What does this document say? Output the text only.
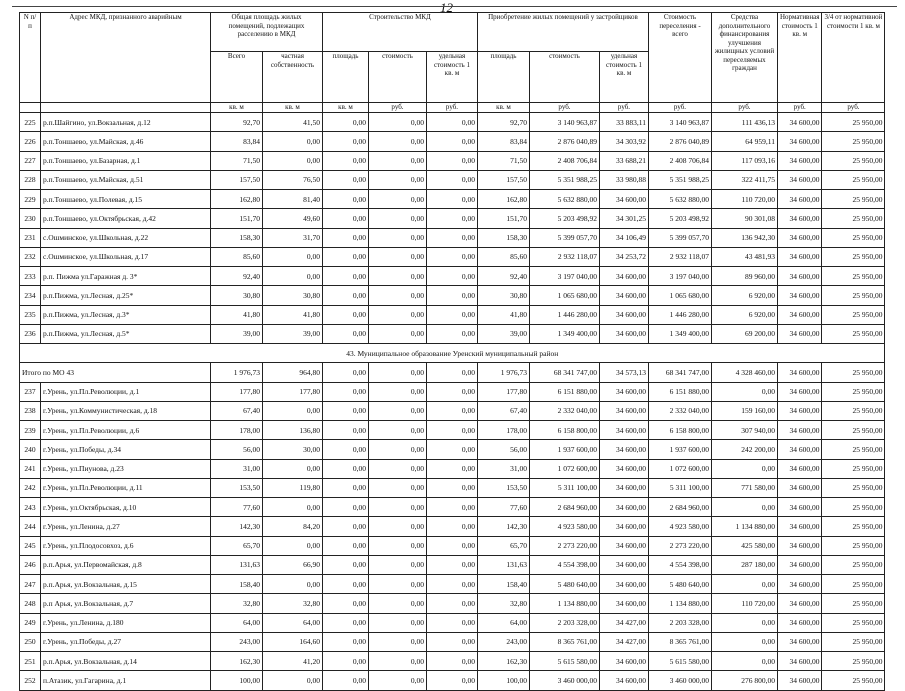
12
N п/п	Адрес МКД, признанного аварийным	Общая площадь жилых помещений, подлежащих расселению в МКД		Строительство МКД			Приобретение жилых помещений у застройщиков			Стоимость переселения - всего	Средства дополнительного финансирования улучшения жилищных условий переселяемых граждан	Нормативная стоимость 1 кв. м	3/4 от нормативной стоимости 1 кв. м
		Всего	частная собственность	площадь	стоимость	удельная стоимость 1 кв. м	площадь	стоимость	удельная стоимость 1 кв. м				
		кв. м	кв. м	кв. м	руб.	руб.	кв. м	руб.	руб.	руб.	руб.	руб.	руб.
225	р.п.Шайгино, ул.Вокзальная, д.12	92,70	41,50	0,00	0,00	0,00	92,70	3 140 963,87	33 883,11	3 140 963,87	111 436,13	34 600,00	25 950,00
226	р.п.Тоншаево, ул.Майская, д.46	83,84	0,00	0,00	0,00	0,00	83,84	2 876 040,89	34 303,92	2 876 040,89	64 959,11	34 600,00	25 950,00
227	р.п.Тоншаево, ул.Базарная, д.1	71,50	0,00	0,00	0,00	0,00	71,50	2 408 706,84	33 688,21	2 408 706,84	117 093,16	34 600,00	25 950,00
228	р.п.Тоншаево, ул.Майская, д.51	157,50	76,50	0,00	0,00	0,00	157,50	5 351 988,25	33 980,88	5 351 988,25	322 411,75	34 600,00	25 950,00
229	р.п.Тоншаево, ул.Полевая, д.15	162,80	81,40	0,00	0,00	0,00	162,80	5 632 880,00	34 600,00	5 632 880,00	110 720,00	34 600,00	25 950,00
230	р.п.Тоншаево, ул.Октябрьская, д.42	151,70	49,60	0,00	0,00	0,00	151,70	5 203 498,92	34 301,25	5 203 498,92	90 301,08	34 600,00	25 950,00
231	с.Ошминское, ул.Школьная, д.22	158,30	31,70	0,00	0,00	0,00	158,30	5 399 057,70	34 106,49	5 399 057,70	136 942,30	34 600,00	25 950,00
232	с.Ошминское, ул.Школьная, д.17	85,60	0,00	0,00	0,00	0,00	85,60	2 932 118,07	34 253,72	2 932 118,07	43 481,93	34 600,00	25 950,00
233	р.п. Пижма ул.Гаражная д. 3*	92,40	0,00	0,00	0,00	0,00	92,40	3 197 040,00	34 600,00	3 197 040,00	89 960,00	34 600,00	25 950,00
234	р.п.Пижма, ул.Лесная, д.25*	30,80	30,80	0,00	0,00	0,00	30,80	1 065 680,00	34 600,00	1 065 680,00	6 920,00	34 600,00	25 950,00
235	р.п.Пижма, ул.Лесная, д.3*	41,80	41,80	0,00	0,00	0,00	41,80	1 446 280,00	34 600,00	1 446 280,00	6 920,00	34 600,00	25 950,00
236	р.п.Пижма, ул.Лесная, д.5*	39,00	39,00	0,00	0,00	0,00	39,00	1 349 400,00	34 600,00	1 349 400,00	69 200,00	34 600,00	25 950,00
43. Муниципальное образование Уренский муниципальный район													
Итого по МО 43		1 976,73	964,80	0,00	0,00	0,00	1 976,73	68 341 747,00	34 573,13	68 341 747,00	4 328 460,00	34 600,00	25 950,00
237	г.Урень, ул.Пл.Революции, д.1	177,80	177,80	0,00	0,00	0,00	177,80	6 151 880,00	34 600,00	6 151 880,00	0,00	34 600,00	25 950,00
238	г.Урень, ул.Коммунистическая, д.18	67,40	0,00	0,00	0,00	0,00	67,40	2 332 040,00	34 600,00	2 332 040,00	159 160,00	34 600,00	25 950,00
239	г.Урень, ул.Пл.Революции, д.6	178,00	136,80	0,00	0,00	0,00	178,00	6 158 800,00	34 600,00	6 158 800,00	307 940,00	34 600,00	25 950,00
240	г.Урень, ул.Победы, д.34	56,00	30,00	0,00	0,00	0,00	56,00	1 937 600,00	34 600,00	1 937 600,00	242 200,00	34 600,00	25 950,00
241	г.Урень, ул.Пиунова, д.23	31,00	0,00	0,00	0,00	0,00	31,00	1 072 600,00	34 600,00	1 072 600,00	0,00	34 600,00	25 950,00
242	г.Урень, ул.Пл.Революции, д.11	153,50	119,80	0,00	0,00	0,00	153,50	5 311 100,00	34 600,00	5 311 100,00	771 580,00	34 600,00	25 950,00
243	г.Урень, ул.Октябрьская, д.10	77,60	0,00	0,00	0,00	0,00	77,60	2 684 960,00	34 600,00	2 684 960,00	0,00	34 600,00	25 950,00
244	г.Урень, ул.Ленина, д.27	142,30	84,20	0,00	0,00	0,00	142,30	4 923 580,00	34 600,00	4 923 580,00	1 134 880,00	34 600,00	25 950,00
245	г.Урень, ул.Плодосовхоз, д.6	65,70	0,00	0,00	0,00	0,00	65,70	2 273 220,00	34 600,00	2 273 220,00	425 580,00	34 600,00	25 950,00
246	р.п.Арья, ул.Первомайская, д.8	131,63	66,90	0,00	0,00	0,00	131,63	4 554 398,00	34 600,00	4 554 398,00	287 180,00	34 600,00	25 950,00
247	р.п.Арья, ул.Вокзальная, д.15	158,40	0,00	0,00	0,00	0,00	158,40	5 480 640,00	34 600,00	5 480 640,00	0,00	34 600,00	25 950,00
248	р.п Арья, ул.Вокзальная, д.7	32,80	32,80	0,00	0,00	0,00	32,80	1 134 880,00	34 600,00	1 134 880,00	110 720,00	34 600,00	25 950,00
249	г.Урень, ул.Ленина, д.180	64,00	64,00	0,00	0,00	0,00	64,00	2 203 328,00	34 427,00	2 203 328,00	0,00	34 600,00	25 950,00
250	г.Урень, ул.Победы, д.27	243,00	164,60	0,00	0,00	0,00	243,00	8 365 761,00	34 427,00	8 365 761,00	0,00	34 600,00	25 950,00
251	р.п.Арья, ул.Вокзальная, д.14	162,30	41,20	0,00	0,00	0,00	162,30	5 615 580,00	34 600,00	5 615 580,00	0,00	34 600,00	25 950,00
252	п.Атазик, ул.Гагарина, д.1	100,00	0,00	0,00	0,00	0,00	100,00	3 460 000,00	34 600,00	3 460 000,00	276 800,00	34 600,00	25 950,00
